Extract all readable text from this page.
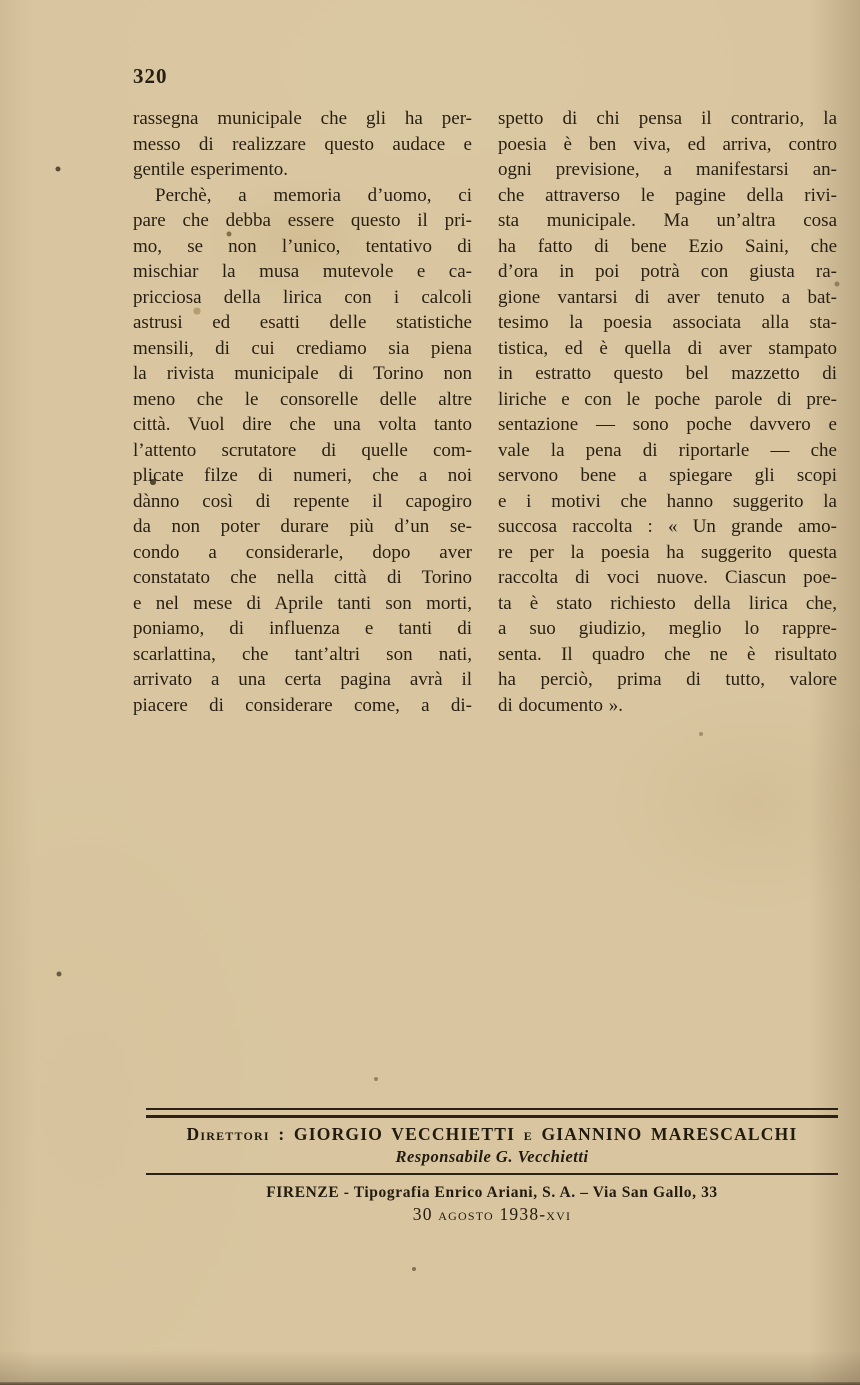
320
rassegna municipale che gli ha per-
messo di realizzare questo audace e
gentile esperimento.
Perchè, a memoria d’uomo, ci
pare che debba essere questo il pri-
mo, se non l’unico, tentativo di
mischiar la musa mutevole e ca-
pricciosa della lirica con i calcoli
astrusi ed esatti delle statistiche
mensili, di cui crediamo sia piena
la rivista municipale di Torino non
meno che le consorelle delle altre
città. Vuol dire che una volta tanto
l’attento scrutatore di quelle com-
plicate filze di numeri, che a noi
dànno così di repente il capogiro
da non poter durare più d’un se-
condo a considerarle, dopo aver
constatato che nella città di Torino
e nel mese di Aprile tanti son morti,
poniamo, di influenza e tanti di
scarlattina, che tant’altri son nati,
arrivato a una certa pagina avrà il
piacere di considerare come, a di-
spetto di chi pensa il contrario, la
poesia è ben viva, ed arriva, contro
ogni previsione, a manifestarsi an-
che attraverso le pagine della rivi-
sta municipale. Ma un’altra cosa
ha fatto di bene Ezio Saini, che
d’ora in poi potrà con giusta ra-
gione vantarsi di aver tenuto a bat-
tesimo la poesia associata alla sta-
tistica, ed è quella di aver stampato
in estratto questo bel mazzetto di
liriche e con le poche parole di pre-
sentazione — sono poche davvero e
vale la pena di riportarle — che
servono bene a spiegare gli scopi
e i motivi che hanno suggerito la
succosa raccolta : « Un grande amo-
re per la poesia ha suggerito questa
raccolta di voci nuove. Ciascun poe-
ta è stato richiesto della lirica che,
a suo giudizio, meglio lo rappre-
senta. Il quadro che ne è risultato
ha perciò, prima di tutto, valore
di documento ».
Direttori : GIORGIO VECCHIETTI e GIANNINO MARESCALCHI
Responsabile G. Vecchietti
FIRENZE - Tipografia Enrico Ariani, S. A. – Via San Gallo, 33
30 agosto 1938-xvi
